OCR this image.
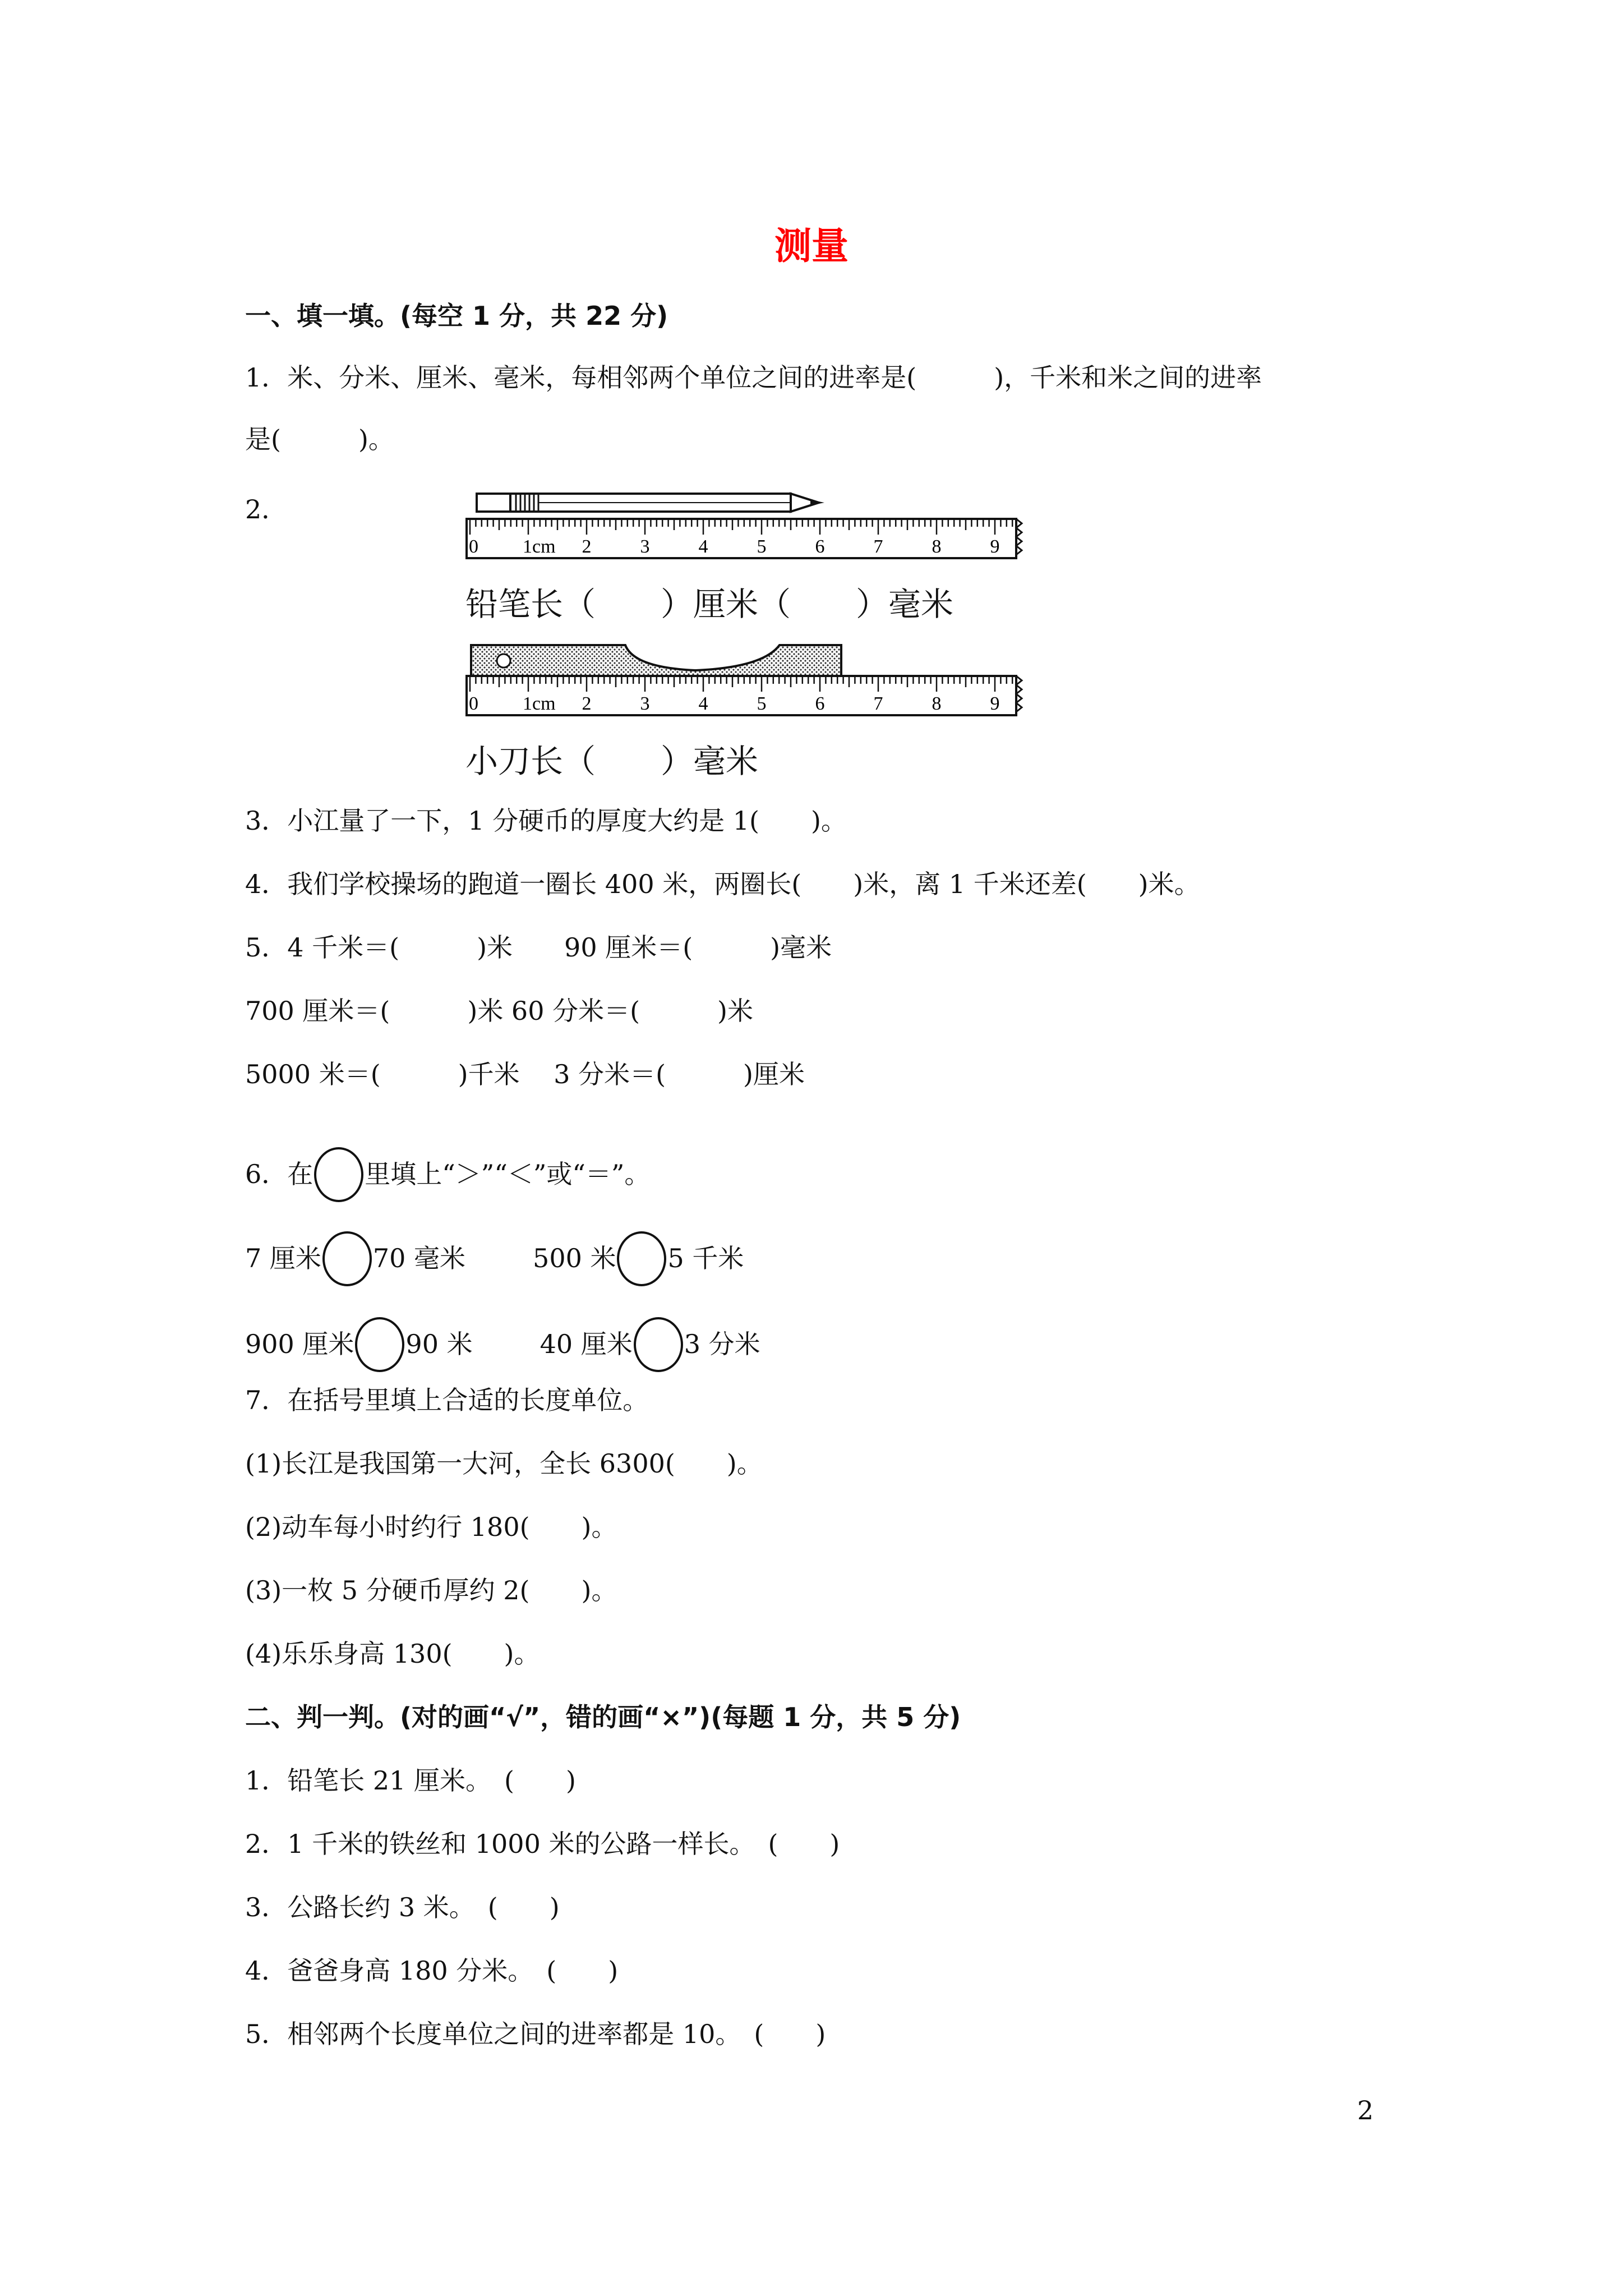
测量
一、填一填。(每空 1 分，共 22 分)
1．米、分米、厘米、毫米，每相邻两个单位之间的进率是(　　　)，千米和米之间的进率
是(　　　)。
2．
0 1cm 2	3	4	5	6	7	8	9
0 1cm 2	3	4	5	6	7	8	9
铅笔长（　　）厘米（　　）毫米
小刀长（　　）毫米
3．小江量了一下，1 分硬币的厚度大约是 1(　　)。
4．我们学校操场的跑道一圈长 400 米，两圈长(　　)米，离 1 千米还差(　　)米。
5．4 千米＝(　　　)米　　90 厘米＝(　　　)毫米
700 厘米＝(　　　)米 60 分米＝(　　　)米
5000 米＝(　　　)千米　 3 分米＝(　　　)厘米
6．在 里填上“＞”“＜”或“＝”。
7 厘米 70 毫米	500 米 5 千米
900 厘米 90 米	40 厘米 3 分米
7．在括号里填上合适的长度单位。
(1)长江是我国第一大河，全长 6300(　　)。
(2)动车每小时约行 180(　　)。
(3)一枚 5 分硬币厚约 2(　　)。
(4)乐乐身高 130(　　)。
二、判一判。(对的画“√”，错的画“×”)(每题 1 分，共 5 分)
1．铅笔长 21 厘米。　(　　)
2．1 千米的铁丝和 1000 米的公路一样长。　(　　)
3．公路长约 3 米。　(　　)
4．爸爸身高 180 分米。　(　　)
5．相邻两个长度单位之间的进率都是 10。　(　　)
2
